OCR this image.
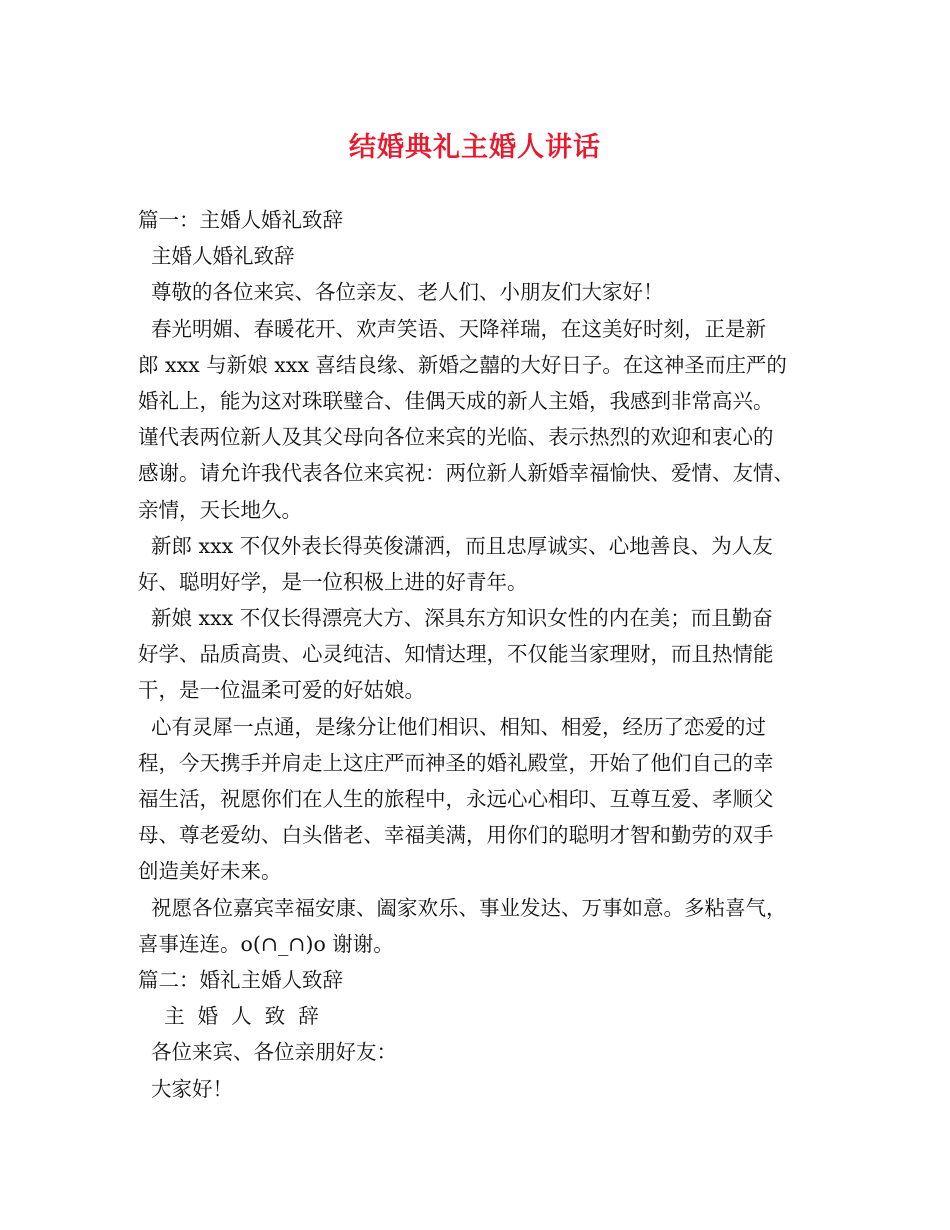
结婚典礼主婚人讲话
篇一：主婚人婚礼致辞
主婚人婚礼致辞
尊敬的各位来宾、各位亲友、老人们、小朋友们大家好！
春光明媚、春暖花开、欢声笑语、天降祥瑞，在这美好时刻，正是新
郎 xxx 与新娘 xxx 喜结良缘、新婚之囍的大好日子。在这神圣而庄严的
婚礼上，能为这对珠联璧合、佳偶天成的新人主婚，我感到非常高兴。
谨代表两位新人及其父母向各位来宾的光临、表示热烈的欢迎和衷心的
感谢。请允许我代表各位来宾祝：两位新人新婚幸福愉快、爱情、友情、
亲情，天长地久。
新郎 xxx 不仅外表长得英俊潇洒，而且忠厚诚实、心地善良、为人友
好、聪明好学，是一位积极上进的好青年。
新娘 xxx 不仅长得漂亮大方、深具东方知识女性的内在美；而且勤奋
好学、品质高贵、心灵纯洁、知情达理，不仅能当家理财，而且热情能
干，是一位温柔可爱的好姑娘。
心有灵犀一点通，是缘分让他们相识、相知、相爱，经历了恋爱的过
程，今天携手并肩走上这庄严而神圣的婚礼殿堂，开始了他们自己的幸
福生活，祝愿你们在人生的旅程中，永远心心相印、互尊互爱、孝顺父
母、尊老爱幼、白头偕老、幸福美满，用你们的聪明才智和勤劳的双手
创造美好未来。
祝愿各位嘉宾幸福安康、阖家欢乐、事业发达、万事如意。多粘喜气，
喜事连连。o(∩_∩)o 谢谢。
篇二：婚礼主婚人致辞
主  婚  人  致  辞
各位来宾、各位亲朋好友：
大家好！
